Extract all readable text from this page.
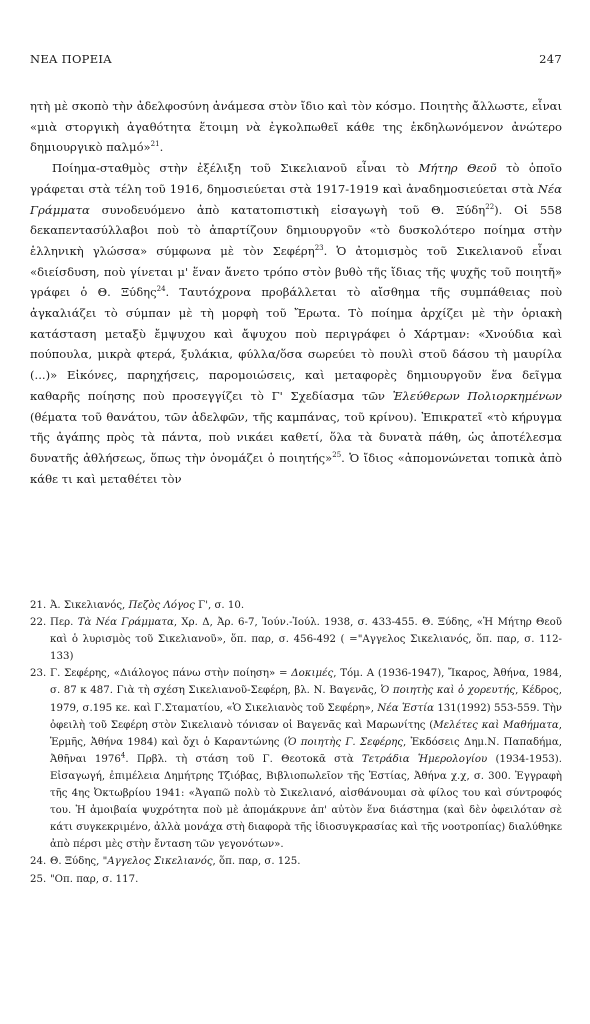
ΝΕΑ ΠΟΡΕΙΑ	247

ητὴ μὲ σκοπὸ τὴν ἀδελφοσύνη ἀνάμεσα στὸν ἴδιο καὶ τὸν κόσμο. Ποιητὴς ἄλλωστε, εἶναι «μιὰ στοργικὴ ἀγαθότητα ἕτοιμη νὰ ἐγκολπωθεῖ κάθε της ἐκδηλωνόμενον ἀνώτερο δημιουργικὸ παλμό»$^{21}$.

Ποίημα-σταθμὸς στὴν ἐξέλιξη τοῦ Σικελιανοῦ εἶναι τὸ Μήτηρ Θεοῦ τὸ ὁποῖο γράφεται στὰ τέλη τοῦ 1916, δημοσιεύεται στὰ 1917-1919 καὶ ἀναδημοσιεύεται στὰ Νέα Γράμματα συνοδευόμενο ἀπὸ κατατοπιστικὴ εἰσαγωγὴ τοῦ Θ. Ξύδη$^{22}$). Οἱ 558 δεκαπεντασύλλαβοι ποὺ τὸ ἀπαρτίζουν δημιουργοῦν «τὸ δυσκολότερο ποίημα στὴν ἑλληνικὴ γλώσσα» σύμφωνα μὲ τὸν Σεφέρη$^{23}$. Ὁ ἀτομισμὸς τοῦ Σικελιανοῦ εἶναι «διείσδυση, ποὺ γίνεται μ' ἕναν ἄνετο τρόπο στὸν βυθὸ τῆς ἴδιας τῆς ψυχῆς τοῦ ποιητῆ» γράφει ὁ Θ. Ξύδης$^{24}$. Ταυτόχρονα προβάλλεται τὸ αἴσθημα τῆς συμπάθειας ποὺ ἀγκαλιάζει τὸ σύμπαν μὲ τὴ μορφὴ τοῦ Ἔρωτα. Τὸ ποίημα ἀρχίζει μὲ τὴν ὁριακὴ κατάσταση μεταξὺ ἔμψυχου καὶ ἄψυχου ποὺ περιγράφει ὁ Χάρτμαν: «Χνούδια καὶ πούπουλα, μικρὰ φτερά, ξυλάκια, φύλλα/ὅσα σωρεύει τὸ πουλὶ στοῦ δάσου τὴ μαυρίλα (...)» Εἰκόνες, παρηχήσεις, παρομοιώσεις, καὶ μεταφορὲς δημιουργοῦν ἕνα δεῖγμα καθαρῆς ποίησης ποὺ προσεγγίζει τὸ Γ' Σχεδίασμα τῶν Ἐλεύθερων Πολιορκημένων (θέματα τοῦ θανάτου, τῶν ἀδελφῶν, τῆς καμπάνας, τοῦ κρίνου). Ἐπικρατεῖ «τὸ κήρυγμα τῆς ἀγάπης πρὸς τὰ πάντα, ποὺ νικάει καθετί, ὅλα τὰ δυνατὰ πάθη, ὡς ἀποτέλεσμα δυνατῆς ἀθλήσεως, ὅπως τὴν ὀνομάζει ὁ ποιητής»$^{25}$. Ὁ ἴδιος «ἀπομονώνεται τοπικὰ ἀπὸ κάθε τι καὶ μεταθέτει τὸν

21. Ἀ. Σικελιανός, Πεζὸς Λόγος Γ', σ. 10.
22. Περ. Τὰ Νέα Γράμματα, Χρ. Δ, Ἀρ. 6-7, Ἰούν.-Ἰούλ. 1938, σ. 433-455. Θ. Ξύδης, «Ἡ Μήτηρ Θεοῦ καὶ ὁ λυρισμὸς τοῦ Σικελιανοῦ», ὅπ. παρ, σ. 456-492 ( ="Αγγελος Σικελιανός, ὅπ. παρ, σ. 112-133)
23. Γ. Σεφέρης, «Διάλογος πάνω στὴν ποίηση» = Δοκιμές, Τόμ. Α (1936-1947), Ἴκαρος, Ἀθήνα, 1984, σ. 87 κ 487. Γιὰ τὴ σχέση Σικελιανοῦ-Σεφέρη, βλ. Ν. Βαγενᾶς, Ὁ ποιητὴς καὶ ὁ χορευτής, Κέδρος, 1979, σ.195 κε. καὶ Γ.Σταματίου, «Ὁ Σικελιανὸς τοῦ Σεφέρη», Νέα Ἑστία 131(1992) 553-559. Τὴν ὀφειλὴ τοῦ Σεφέρη στὸν Σικελιανὸ τόνισαν οἱ Βαγενᾶς καὶ Μαρωνίτης (Μελέτες καὶ Μαθήματα, Ἑρμῆς, Ἀθήνα 1984) καὶ ὄχι ὁ Καραντώνης (Ὁ ποιητὴς Γ. Σεφέρης, Ἐκδόσεις Δημ.Ν. Παπαδήμα, Ἀθῆναι 1976$^4$. Πρβλ. τὴ στάση τοῦ Γ. Θεοτοκᾶ στὰ Τετράδια Ἡμερολογίου (1934-1953). Εἰσαγωγή, ἐπιμέλεια Δημήτρης Τζιόβας, Βιβλιοπωλεῖον τῆς Ἑστίας, Ἀθήνα χ.χ, σ. 300. Ἐγγραφὴ τῆς 4ης Ὀκτωβρίου 1941: «Ἀγαπῶ πολὺ τὸ Σικελιανό, αἰσθάνουμαι σὰ φίλος του καὶ σύντροφός του. Ἡ ἀμοιβαία ψυχρότητα ποὺ μὲ ἀπομάκρυνε ἀπ' αὐτὸν ἕνα διάστημα (καὶ δὲν ὀφειλόταν σὲ κάτι συγκεκριμένο, ἀλλὰ μονάχα στὴ διαφορὰ τῆς ἰδιοσυγκρασίας καὶ τῆς νοοτροπίας) διαλύθηκε ἀπὸ πέρσι μὲς στὴν ἔνταση τῶν γεγονότων».
24. Θ. Ξύδης, "Αγγελος Σικελιανός, ὅπ. παρ, σ. 125.
25. "Οπ. παρ, σ. 117.
